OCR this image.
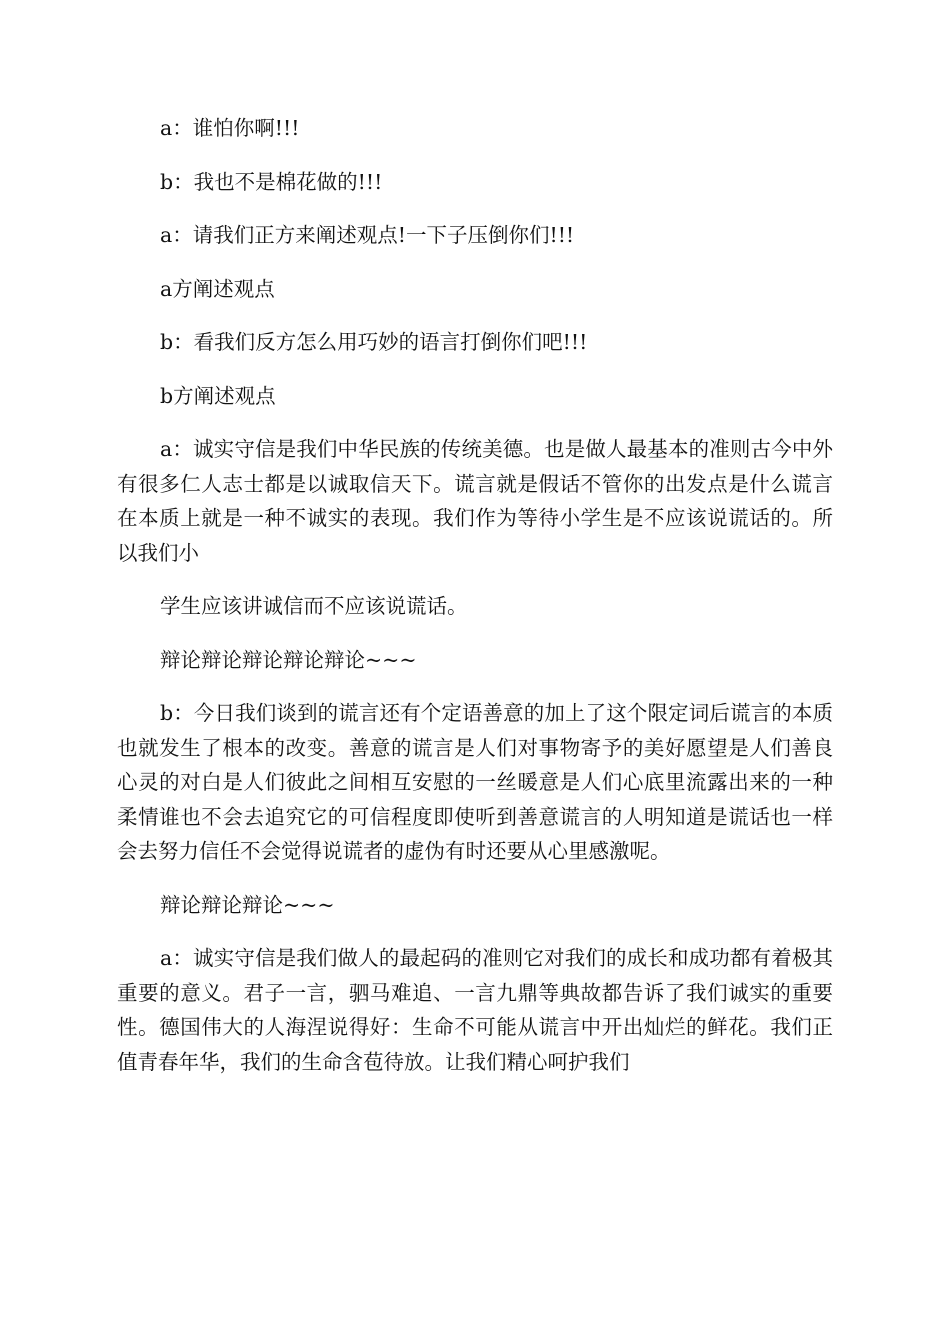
a：谁怕你啊!!!

b：我也不是棉花做的!!!

a：请我们正方来阐述观点!一下子压倒你们!!!

a方阐述观点

b：看我们反方怎么用巧妙的语言打倒你们吧!!!

b方阐述观点

a：诚实守信是我们中华民族的传统美德。也是做人最基本的准则古今中外有很多仁人志士都是以诚取信天下。谎言就是假话不管你的出发点是什么谎言在本质上就是一种不诚实的表现。我们作为等待小学生是不应该说谎话的。所以我们小

学生应该讲诚信而不应该说谎话。

辩论辩论辩论辩论辩论~~~

b：今日我们谈到的谎言还有个定语善意的加上了这个限定词后谎言的本质也就发生了根本的改变。善意的谎言是人们对事物寄予的美好愿望是人们善良心灵的对白是人们彼此之间相互安慰的一丝暖意是人们心底里流露出来的一种柔情谁也不会去追究它的可信程度即使听到善意谎言的人明知道是谎话也一样会去努力信任不会觉得说谎者的虚伪有时还要从心里感激呢。

辩论辩论辩论~~~

a：诚实守信是我们做人的最起码的准则它对我们的成长和成功都有着极其重要的意义。君子一言，驷马难追、一言九鼎等典故都告诉了我们诚实的重要性。德国伟大的人海涅说得好：生命不可能从谎言中开出灿烂的鲜花。我们正值青春年华，我们的生命含苞待放。让我们精心呵护我们
